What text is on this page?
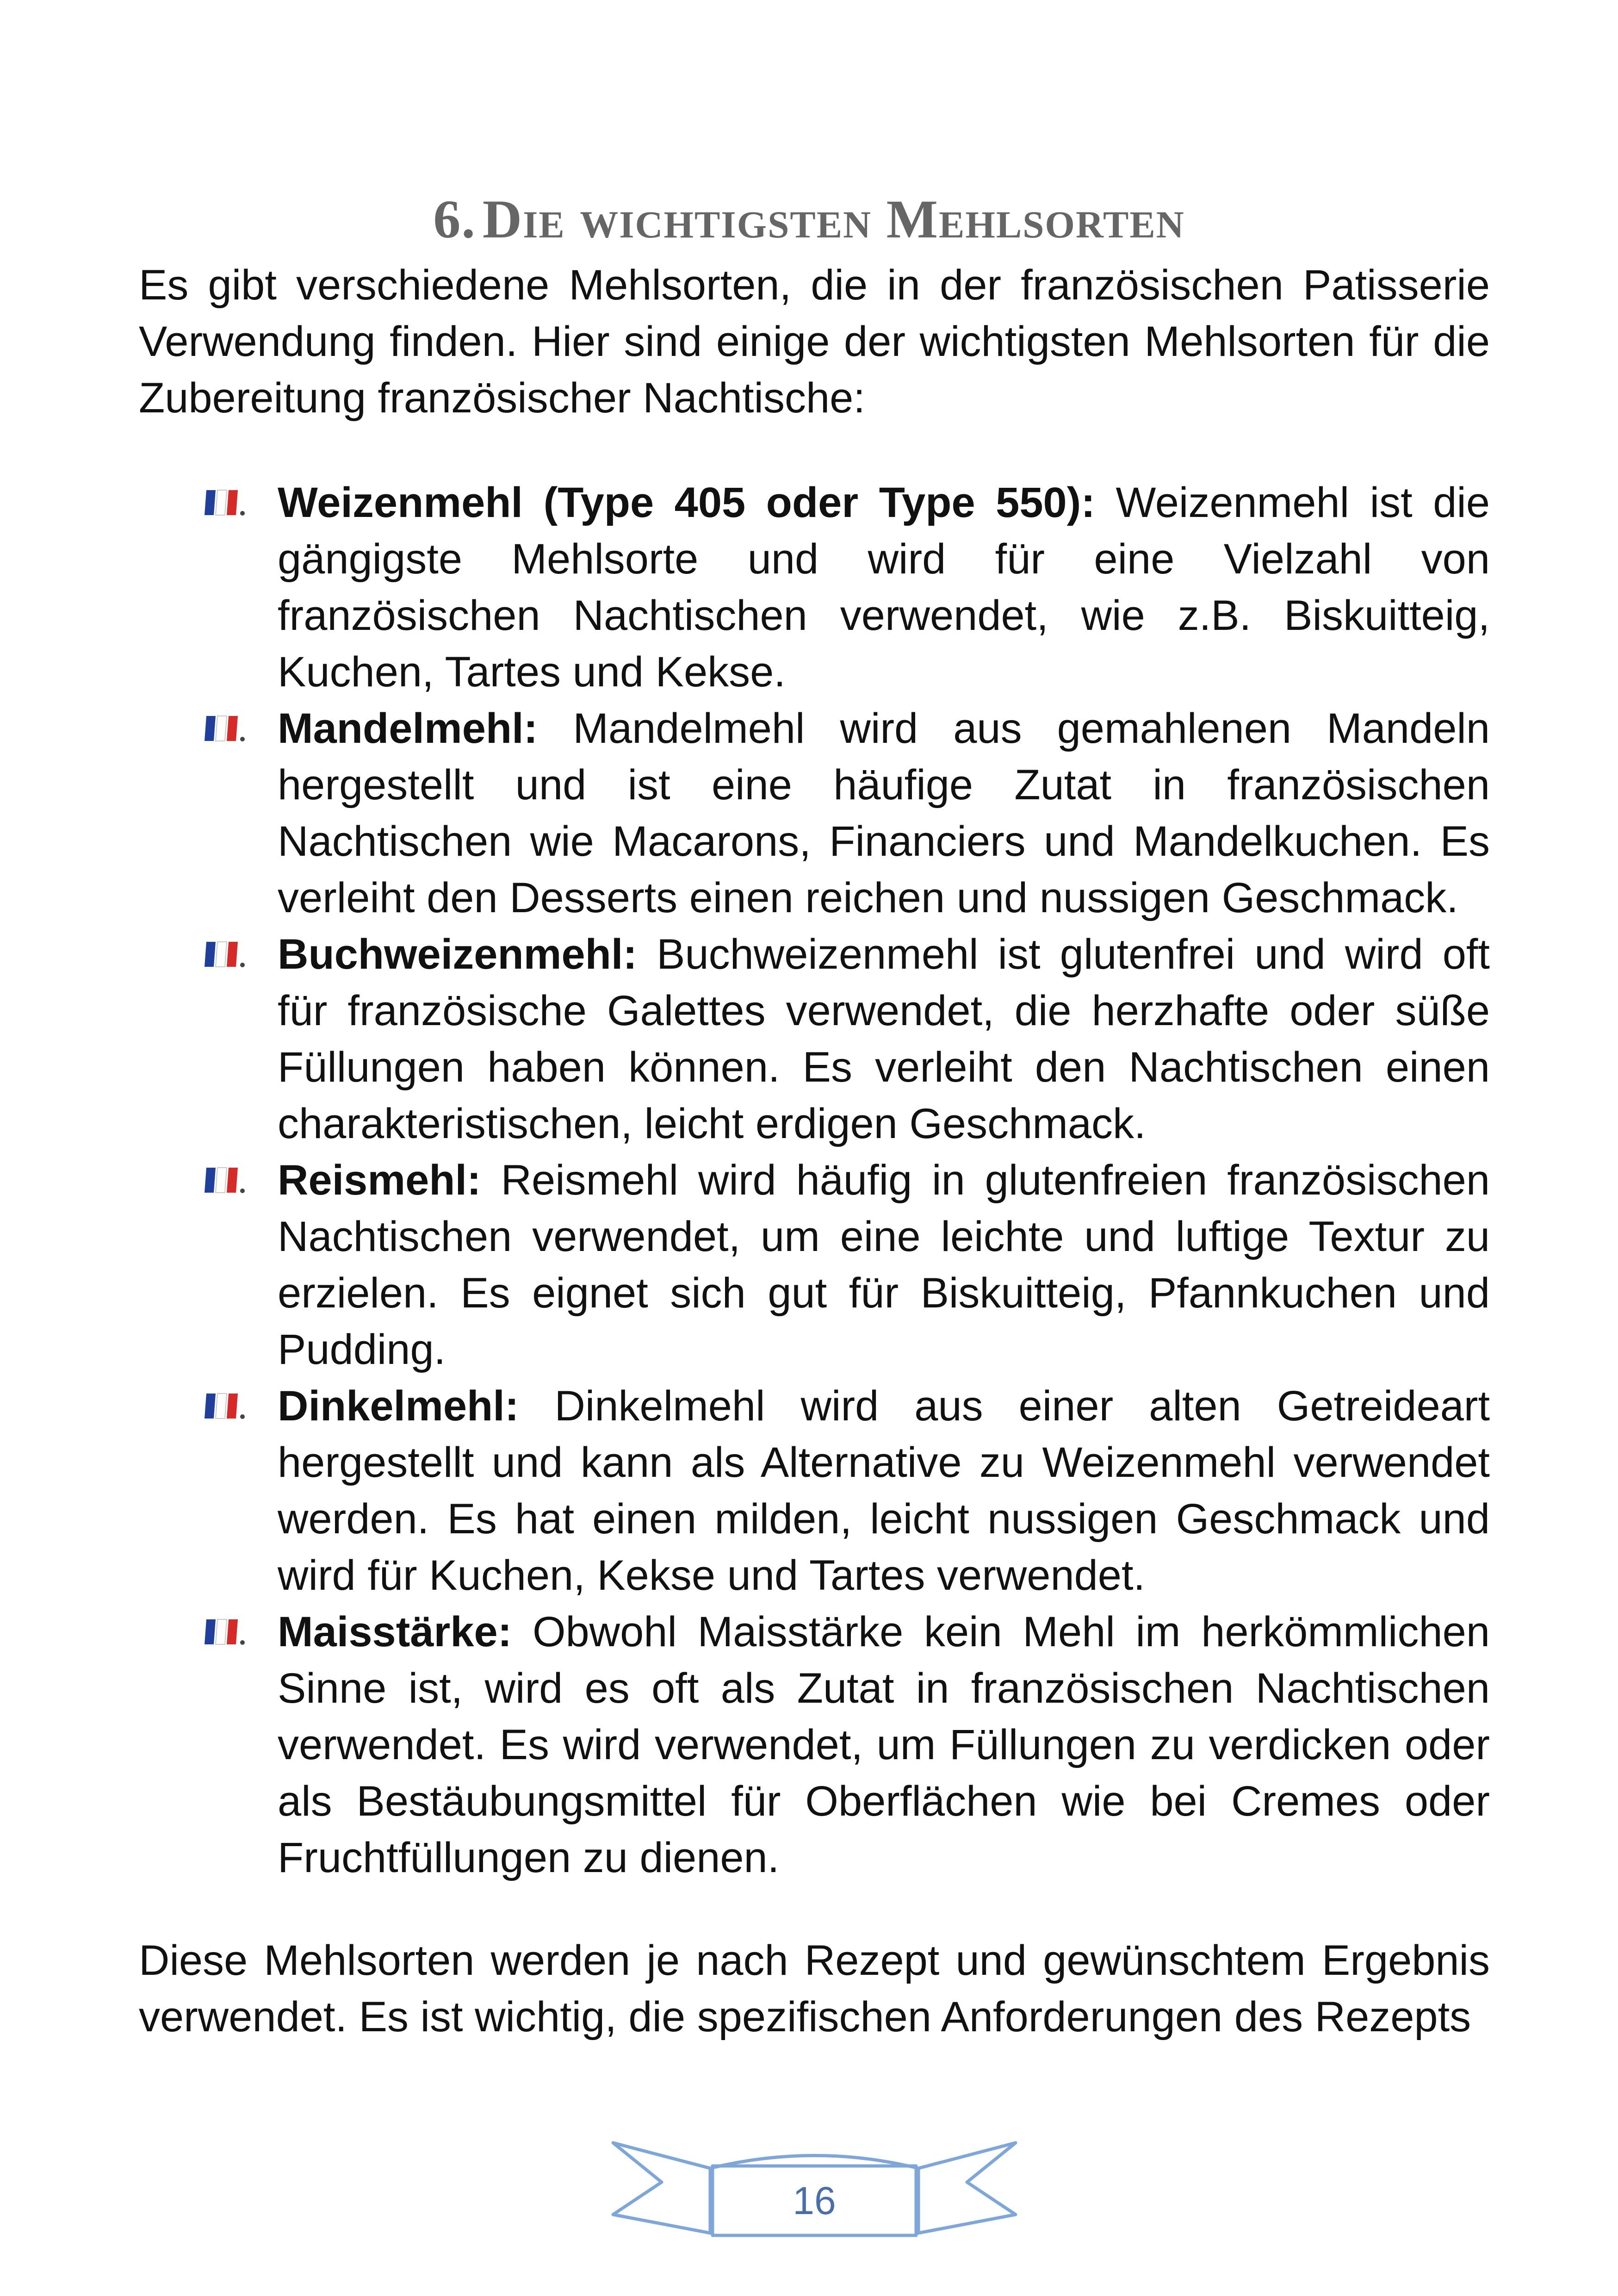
6. Die wichtigsten Mehlsorten

Es gibt verschiedene Mehlsorten, die in der französischen Patisserie Verwendung finden. Hier sind einige der wichtigsten Mehlsorten für die Zubereitung französischer Nachtische:

Weizenmehl (Type 405 oder Type 550): Weizenmehl ist die gängigste Mehlsorte und wird für eine Vielzahl von französischen Nachtischen verwendet, wie z.B. Biskuitteig, Kuchen, Tartes und Kekse.
Mandelmehl: Mandelmehl wird aus gemahlenen Mandeln hergestellt und ist eine häufige Zutat in französischen Nachtischen wie Macarons, Financiers und Mandelkuchen. Es verleiht den Desserts einen reichen und nussigen Geschmack.
Buchweizenmehl: Buchweizenmehl ist glutenfrei und wird oft für französische Galettes verwendet, die herzhafte oder süße Füllungen haben können. Es verleiht den Nachtischen einen charakteristischen, leicht erdigen Geschmack.
Reismehl: Reismehl wird häufig in glutenfreien französischen Nachtischen verwendet, um eine leichte und luftige Textur zu erzielen. Es eignet sich gut für Biskuitteig, Pfannkuchen und Pudding.
Dinkelmehl: Dinkelmehl wird aus einer alten Getreideart hergestellt und kann als Alternative zu Weizenmehl verwendet werden. Es hat einen milden, leicht nussigen Geschmack und wird für Kuchen, Kekse und Tartes verwendet.
Maisstärke: Obwohl Maisstärke kein Mehl im herkömmlichen Sinne ist, wird es oft als Zutat in französischen Nachtischen verwendet. Es wird verwendet, um Füllungen zu verdicken oder als Bestäubungsmittel für Oberflächen wie bei Cremes oder Fruchtfüllungen zu dienen.

Diese Mehlsorten werden je nach Rezept und gewünschtem Ergebnis verwendet. Es ist wichtig, die spezifischen Anforderungen des Rezepts

16
